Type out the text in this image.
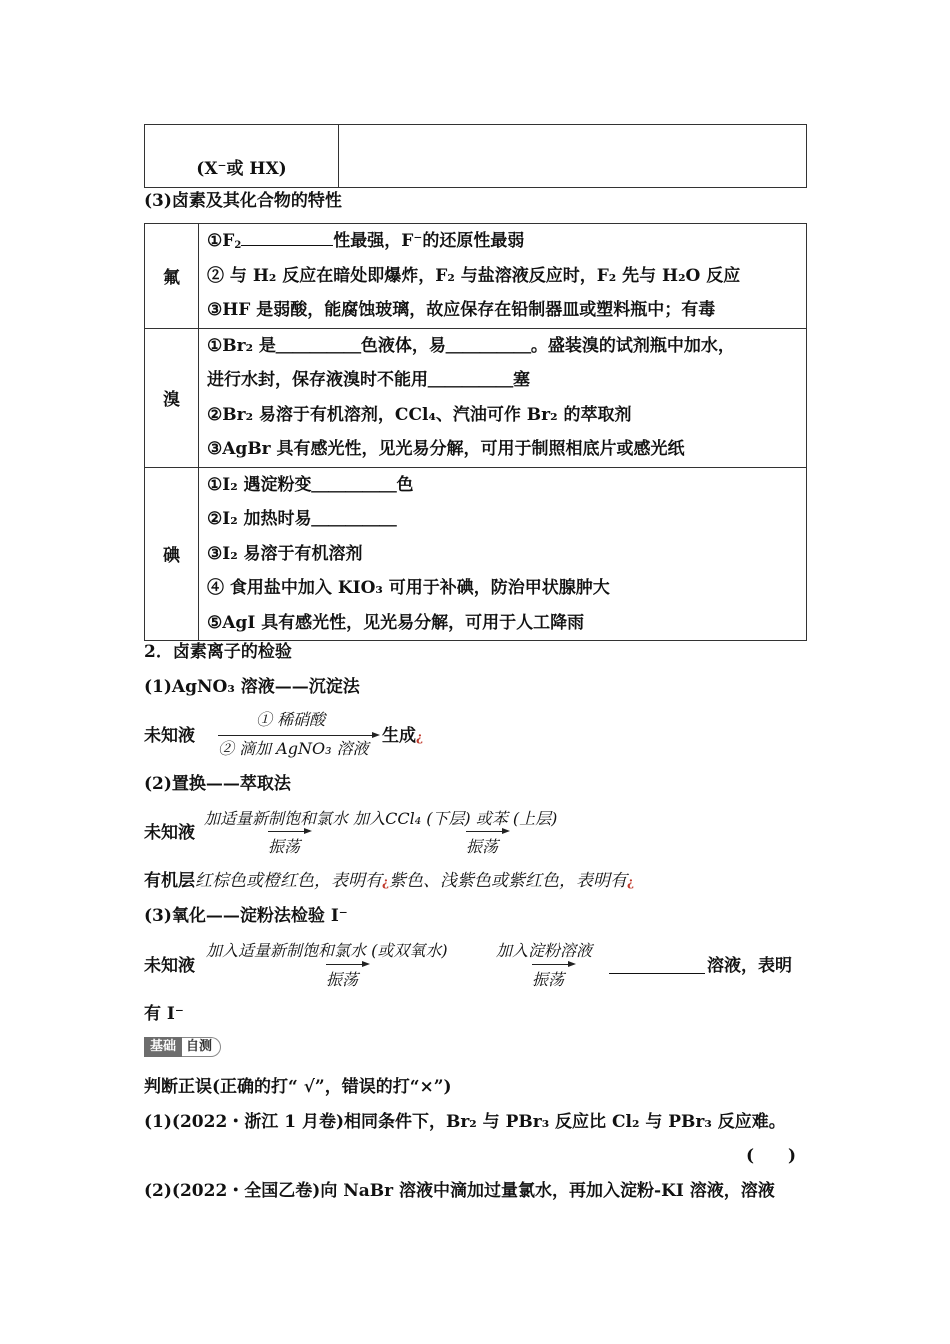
(X⁻或 HX)

(3)卤素及其化合物的特性
氟	$①F_2$ 性最强，F⁻的还原性最弱
② 与 H₂ 反应在暗处即爆炸，F₂ 与盐溶液反应时，F₂ 先与 H₂O 反应
③HF 是弱酸，能腐蚀玻璃，故应保存在铅制器皿或塑料瓶中；有毒

溴	①Br₂ 是＿＿＿＿＿色液体，易＿＿＿＿＿。盛装溴的试剂瓶中加水，
进行水封，保存液溴时不能用＿＿＿＿＿塞
②Br₂ 易溶于有机溶剂，CCl₄、汽油可作 Br₂ 的萃取剂
③AgBr 具有感光性，见光易分解，可用于制照相底片或感光纸

碘	①I₂ 遇淀粉变＿＿＿＿＿色
②I₂ 加热时易＿＿＿＿＿
③I₂ 易溶于有机溶剂
④ 食用盐中加入 KIO₃ 可用于补碘，防治甲状腺肿大
⑤AgI 具有感光性，见光易分解，可用于人工降雨
2．卤素离子的检验
(1)AgNO₃ 溶液——沉淀法
未知液
① 稀硝酸
② 滴加 AgNO₃ 溶液
生成¿
(2)置换——萃取法
未知液
加适量新制饱和氯水 加入CCl₄ (下层) 或苯 (上层)
振荡	振荡
有机层红棕色或橙红色，表明有¿紫色、浅紫色或紫红色，表明有¿
(3)氧化——淀粉法检验 I⁻
未知液
加入适量新制饱和氯水 (或双氧水)
振荡
加入淀粉溶液
振荡
溶液，表明
有 I⁻
基础 自测
判断正误(正确的打“ √”，错误的打“×”)
(1)(2022・浙江 1 月卷)相同条件下，Br₂ 与 PBr₃ 反应比 Cl₂ 与 PBr₃ 反应难。
(　　)
(2)(2022・全国乙卷)向 NaBr 溶液中滴加过量氯水，再加入淀粉-KI 溶液，溶液
